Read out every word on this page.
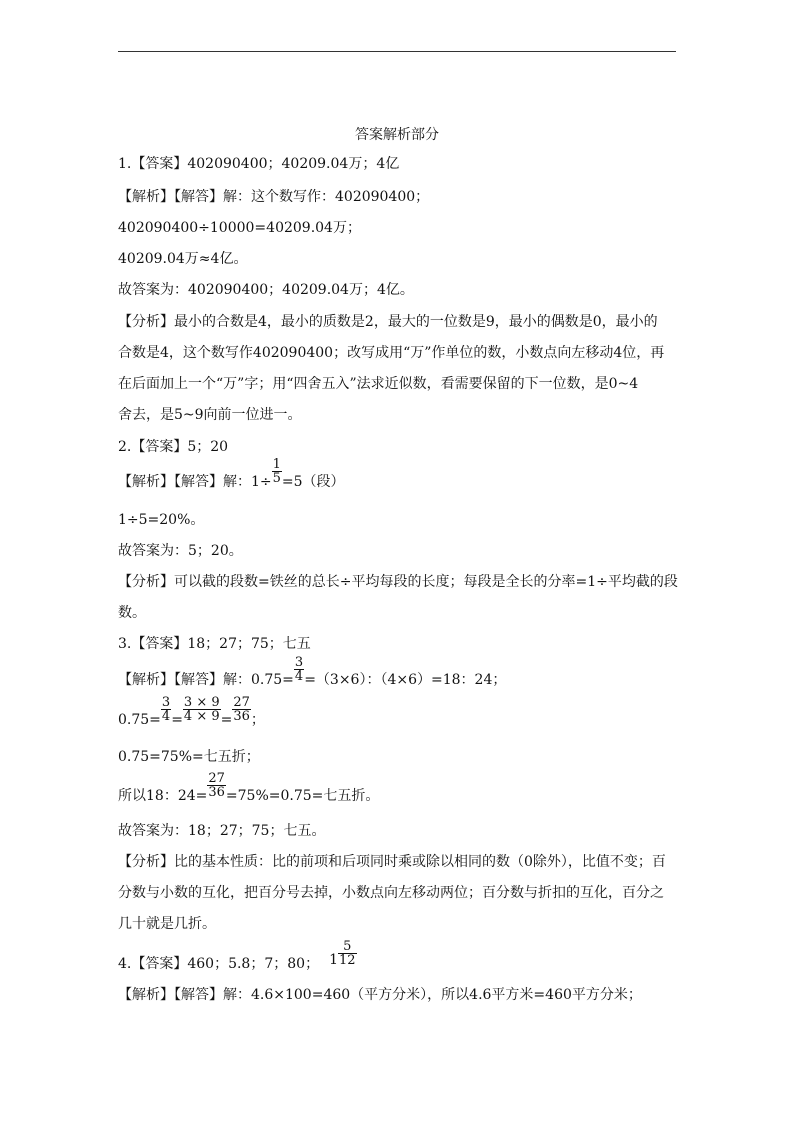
答案解析部分
1.【答案】402090400；40209.04万；4亿
【解析】【解答】解：这个数写作：402090400；
402090400÷10000=40209.04万；
40209.04万≈4亿。
故答案为：402090400；40209.04万；4亿。
【分析】最小的合数是4，最小的质数是2，最大的一位数是9，最小的偶数是0，最小的
合数是4，这个数写作402090400；改写成用“万”作单位的数，小数点向左移动4位，再
在后面加上一个“万”字；用“四舍五入”法求近似数，看需要保留的下一位数，是0~4
舍去，是5~9向前一位进一。
2.【答案】5；20
【解析】【解答】解：$1\div \frac{1}{5} =5$（段）
1÷5=20%。
故答案为：5；20。
【分析】可以截的段数=铁丝的总长÷平均每段的长度；每段是全长的分率=1÷平均截的段
数。
3.【答案】18；27；75；七五
【解析】【解答】解：$0.75= \frac{3}{4} =(3\times 6)$：（4×6）=18：24；
$0.75= \frac{3}{4} = \frac{3 \times 9}{4 \times 9} = \frac{27}{36}$ ；
0.75=75%=七五折；
所以18：$24= \frac{27}{36} =75\%=0.75=$七五折。
故答案为：18；27；75；七五。
【分析】比的基本性质：比的前项和后项同时乘或除以相同的数（0除外），比值不变；百
分数与小数的互化，把百分号去掉，小数点向左移动两位；百分数与折扣的互化，百分之
几十就是几折。
4.【答案】460；5.8；7；80； $1 \frac{5}{12}$
【解析】【解答】解：4.6×100=460（平方分米），所以4.6平方米=460平方分米；
